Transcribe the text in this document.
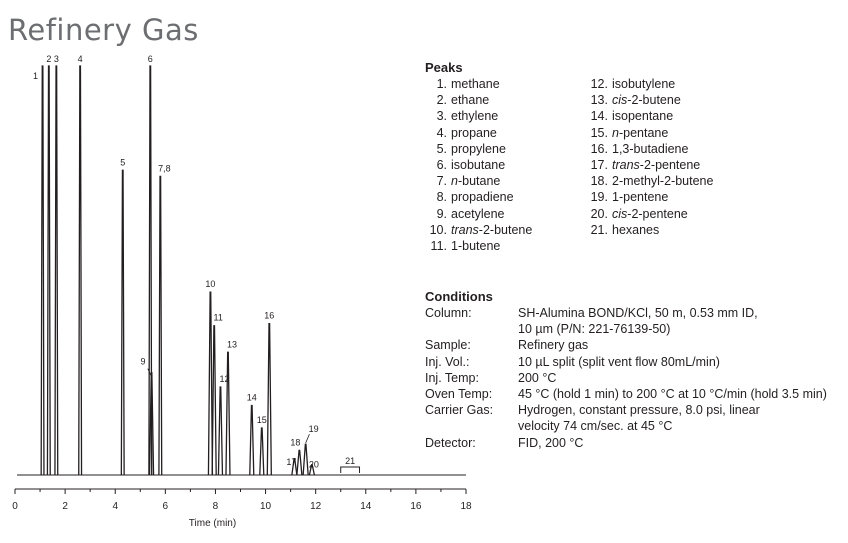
Refinery Gas
1
2 3 4
5
6
7,8
9
10
11
12
13
14
15
16
17
18
19
20	21
0	2	4	6	8	10	12	14	16	18
Time (min)
Peaks
1. methane
2. ethane
3. ethylene
4. propane
5. propylene
6. isobutane
7. n -butane
8. propadiene
9. acetylene
10. trans -2-butene
11. 1-butene
12. isobutylene
13. cis -2-butene
14. isopentane
15. n -pentane
16. 1,3-butadiene
17. trans -2-pentene
18. 2-methyl-2-butene
19. 1-pentene
20. cis -2-pentene
21. hexanes
Conditions
Column:	SH-Alumina BOND/KCl, 50 m, 0.53 mm ID,
10 µm (P/N: 221-76139-50)
Sample:	Refinery gas
Inj. Vol.:	10 µL split (split vent flow 80mL/min)
Inj. Temp:	200 °C
Oven Temp:	45 °C (hold 1 min) to 200 °C at 10 °C/min (hold 3.5 min)
Carrier Gas:	Hydrogen, constant pressure, 8.0 psi, linear
velocity 74 cm/sec. at 45 °C
Detector:	FID, 200 °C
